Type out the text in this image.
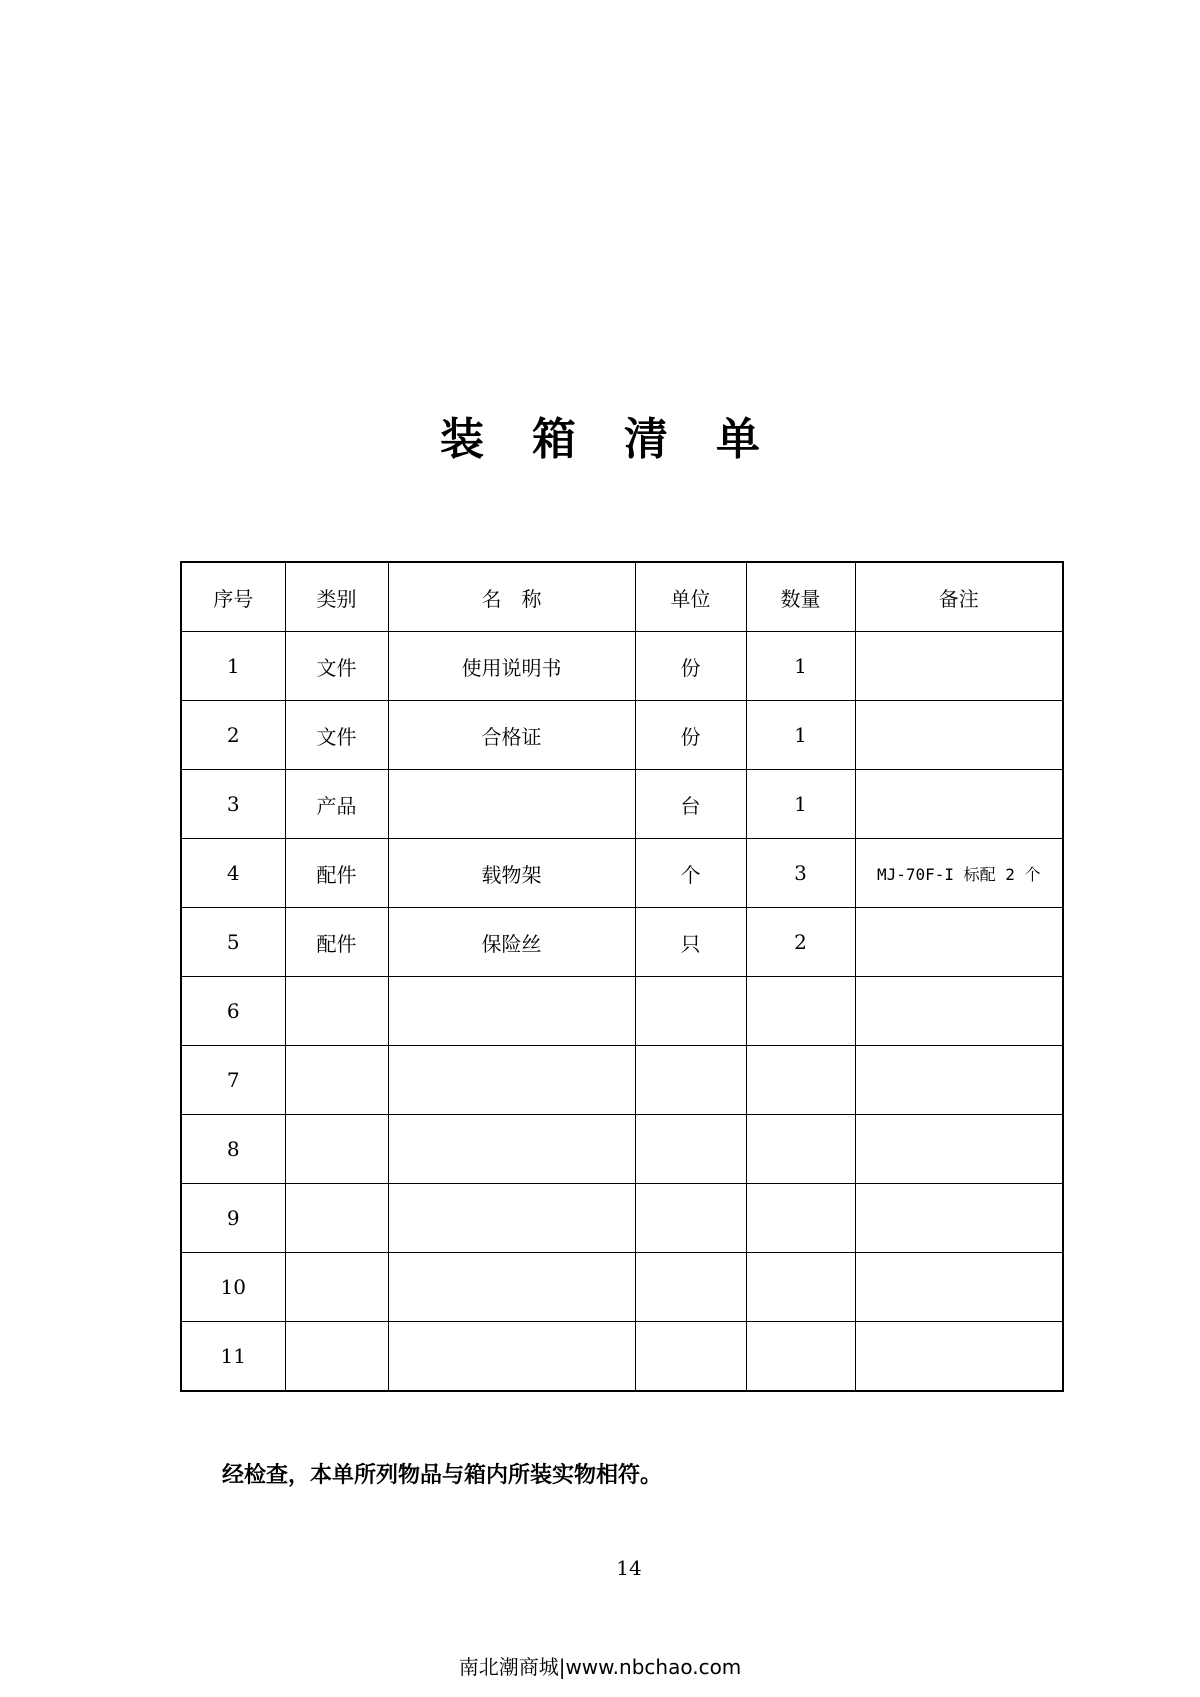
装箱清单
序号	类别	名　称	单位	数量	备注
1	文件	使用说明书	份	1	
2	文件	合格证	份	1	
3	产品		台	1	
4	配件	载物架	个	3	MJ-70F-I 标配 2 个
5	配件	保险丝	只	2	
6					
7					
8					
9					
10					
11					
经检查，本单所列物品与箱内所装实物相符。
14
南北潮商城|www.nbchao.com
